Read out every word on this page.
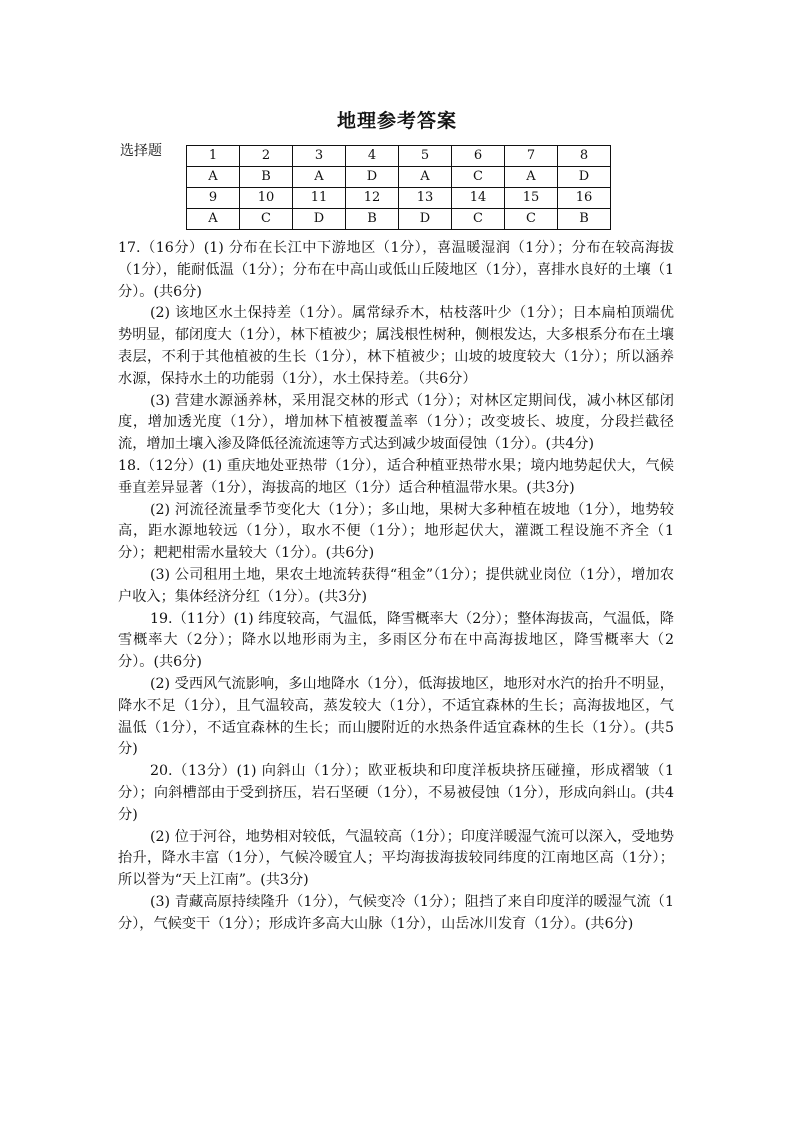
地理参考答案
选择题	1	2	3	4	5	6	7	8
A	B	A	D	A	C	A	D
9	10	11	12	13	14	15	16
A	C	D	B	D	C	C	B

17.（16分）(1) 分布在长江中下游地区（1分），喜温暖湿润（1分）；分布在较高海拔（1分），能耐低温（1分）；分布在中高山或低山丘陵地区（1分），喜排水良好的土壤（1分）。(共6分)

(2) 该地区水土保持差（1分）。属常绿乔木，枯枝落叶少（1分）；日本扁柏顶端优势明显，郁闭度大（1分），林下植被少；属浅根性树种，侧根发达，大多根系分布在土壤表层，不利于其他植被的生长（1分），林下植被少；山坡的坡度较大（1分）；所以涵养水源，保持水土的功能弱（1分），水土保持差。（共6分）

(3) 营建水源涵养林，采用混交林的形式（1分）；对林区定期间伐，减小林区郁闭度，增加透光度（1分），增加林下植被覆盖率（1分）；改变坡长、坡度，分段拦截径流，增加土壤入渗及降低径流流速等方式达到减少坡面侵蚀（1分）。(共4分)

18.（12分）(1) 重庆地处亚热带（1分），适合种植亚热带水果；境内地势起伏大，气候垂直差异显著（1分），海拔高的地区（1分）适合种植温带水果。(共3分)

(2) 河流径流量季节变化大（1分）；多山地，果树大多种植在坡地（1分），地势较高，距水源地较远（1分），取水不便（1分）；地形起伏大，灌溉工程设施不齐全（1分）；耙耙柑需水量较大（1分）。(共6分)

(3) 公司租用土地，果农土地流转获得“租金”（1分）；提供就业岗位（1分），增加农户收入；集体经济分红（1分）。(共3分)

19.（11分）(1) 纬度较高，气温低，降雪概率大（2分）；整体海拔高，气温低，降雪概率大（2分）；降水以地形雨为主，多雨区分布在中高海拔地区，降雪概率大（2分）。(共6分)

(2) 受西风气流影响，多山地降水（1分），低海拔地区，地形对水汽的抬升不明显，降水不足（1分），且气温较高，蒸发较大（1分），不适宜森林的生长；高海拔地区，气温低（1分），不适宜森林的生长；而山腰附近的水热条件适宜森林的生长（1分）。(共5分)

20.（13分）(1) 向斜山（1分）；欧亚板块和印度洋板块挤压碰撞，形成褶皱（1分）；向斜槽部由于受到挤压，岩石坚硬（1分），不易被侵蚀（1分），形成向斜山。(共4分)

(2) 位于河谷，地势相对较低，气温较高（1分）；印度洋暖湿气流可以深入，受地势抬升，降水丰富（1分），气候冷暖宜人；平均海拔海拔较同纬度的江南地区高（1分）；所以誉为“天上江南”。(共3分)

(3) 青藏高原持续隆升（1分），气候变冷（1分）；阻挡了来自印度洋的暖湿气流（1分），气候变干（1分）；形成许多高大山脉（1分），山岳冰川发育（1分）。(共6分)
